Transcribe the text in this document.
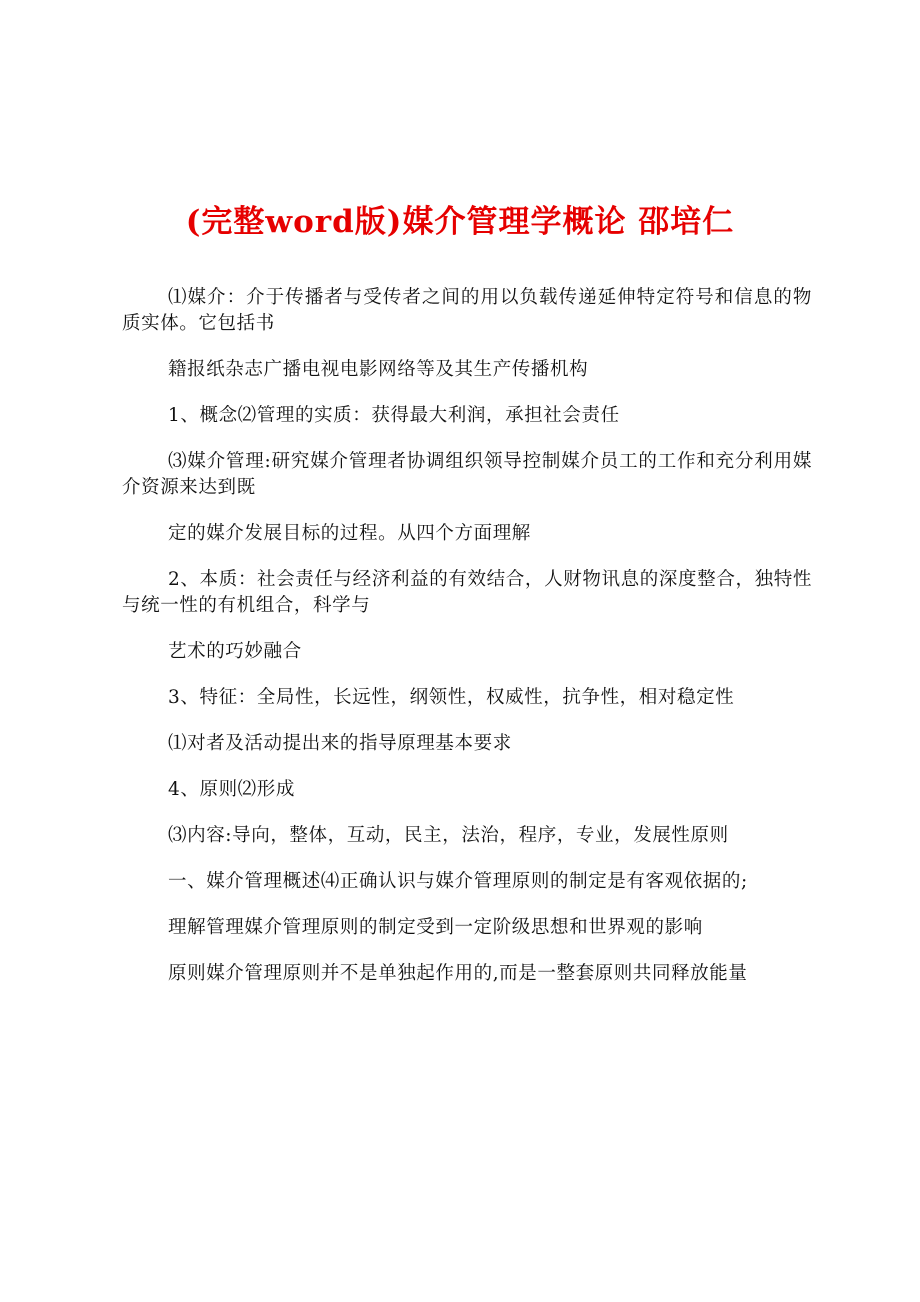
(完整word版)媒介管理学概论 邵培仁

⑴媒介：介于传播者与受传者之间的用以负载传递延伸特定符号和信息的物质实体。它包括书

籍报纸杂志广播电视电影网络等及其生产传播机构

1、概念⑵管理的实质：获得最大利润，承担社会责任

⑶媒介管理:研究媒介管理者协调组织领导控制媒介员工的工作和充分利用媒介资源来达到既

定的媒介发展目标的过程。从四个方面理解

2、本质：社会责任与经济利益的有效结合，人财物讯息的深度整合，独特性与统一性的有机组合，科学与

艺术的巧妙融合

3、特征：全局性，长远性，纲领性，权威性，抗争性，相对稳定性

⑴对者及活动提出来的指导原理基本要求

4、原则⑵形成

⑶内容:导向，整体，互动，民主，法治，程序，专业，发展性原则

一、媒介管理概述⑷正确认识与媒介管理原则的制定是有客观依据的;

理解管理媒介管理原则的制定受到一定阶级思想和世界观的影响

原则媒介管理原则并不是单独起作用的,而是一整套原则共同释放能量
